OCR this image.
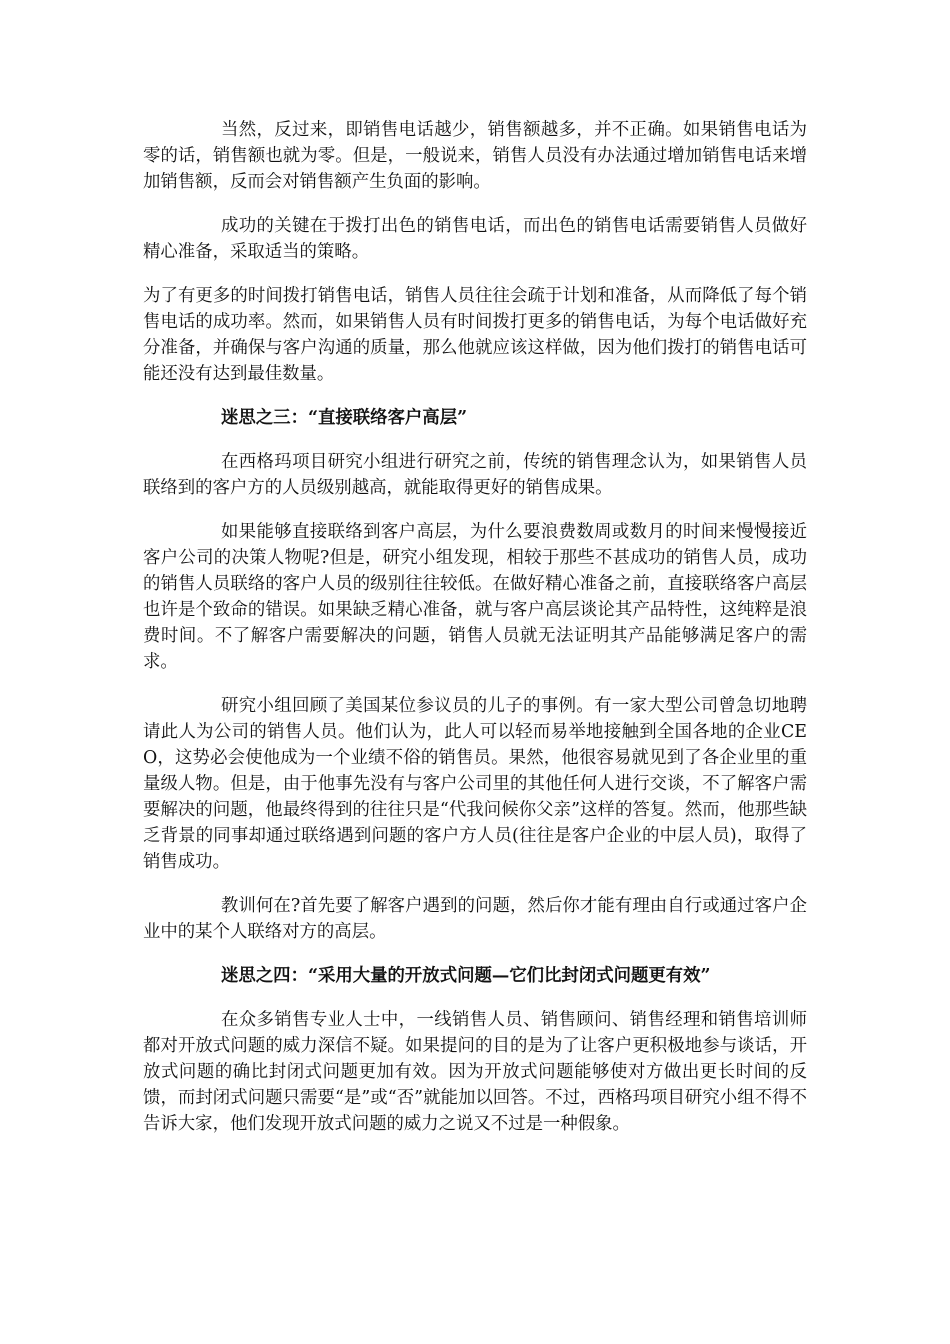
当然，反过来，即销售电话越少，销售额越多，并不正确。如果销售电话为零的话，销售额也就为零。但是，一般说来，销售人员没有办法通过增加销售电话来增加销售额，反而会对销售额产生负面的影响。

成功的关键在于拨打出色的销售电话，而出色的销售电话需要销售人员做好精心准备，采取适当的策略。

为了有更多的时间拨打销售电话，销售人员往往会疏于计划和准备，从而降低了每个销售电话的成功率。然而，如果销售人员有时间拨打更多的销售电话，为每个电话做好充分准备，并确保与客户沟通的质量，那么他就应该这样做，因为他们拨打的销售电话可能还没有达到最佳数量。

迷思之三：“直接联络客户高层”

在西格玛项目研究小组进行研究之前，传统的销售理念认为，如果销售人员联络到的客户方的人员级别越高，就能取得更好的销售成果。

如果能够直接联络到客户高层，为什么要浪费数周或数月的时间来慢慢接近客户公司的决策人物呢?但是，研究小组发现，相较于那些不甚成功的销售人员，成功的销售人员联络的客户人员的级别往往较低。在做好精心准备之前，直接联络客户高层也许是个致命的错误。如果缺乏精心准备，就与客户高层谈论其产品特性，这纯粹是浪费时间。不了解客户需要解决的问题，销售人员就无法证明其产品能够满足客户的需求。

研究小组回顾了美国某位参议员的儿子的事例。有一家大型公司曾急切地聘请此人为公司的销售人员。他们认为，此人可以轻而易举地接触到全国各地的企业CEO，这势必会使他成为一个业绩不俗的销售员。果然，他很容易就见到了各企业里的重量级人物。但是，由于他事先没有与客户公司里的其他任何人进行交谈，不了解客户需要解决的问题，他最终得到的往往只是“代我问候你父亲”这样的答复。然而，他那些缺乏背景的同事却通过联络遇到问题的客户方人员(往往是客户企业的中层人员)，取得了销售成功。

教训何在?首先要了解客户遇到的问题，然后你才能有理由自行或通过客户企业中的某个人联络对方的高层。

迷思之四：“采用大量的开放式问题—它们比封闭式问题更有效”

在众多销售专业人士中，一线销售人员、销售顾问、销售经理和销售培训师都对开放式问题的威力深信不疑。如果提问的目的是为了让客户更积极地参与谈话，开放式问题的确比封闭式问题更加有效。因为开放式问题能够使对方做出更长时间的反馈，而封闭式问题只需要“是”或“否”就能加以回答。不过，西格玛项目研究小组不得不告诉大家，他们发现开放式问题的威力之说又不过是一种假象。
